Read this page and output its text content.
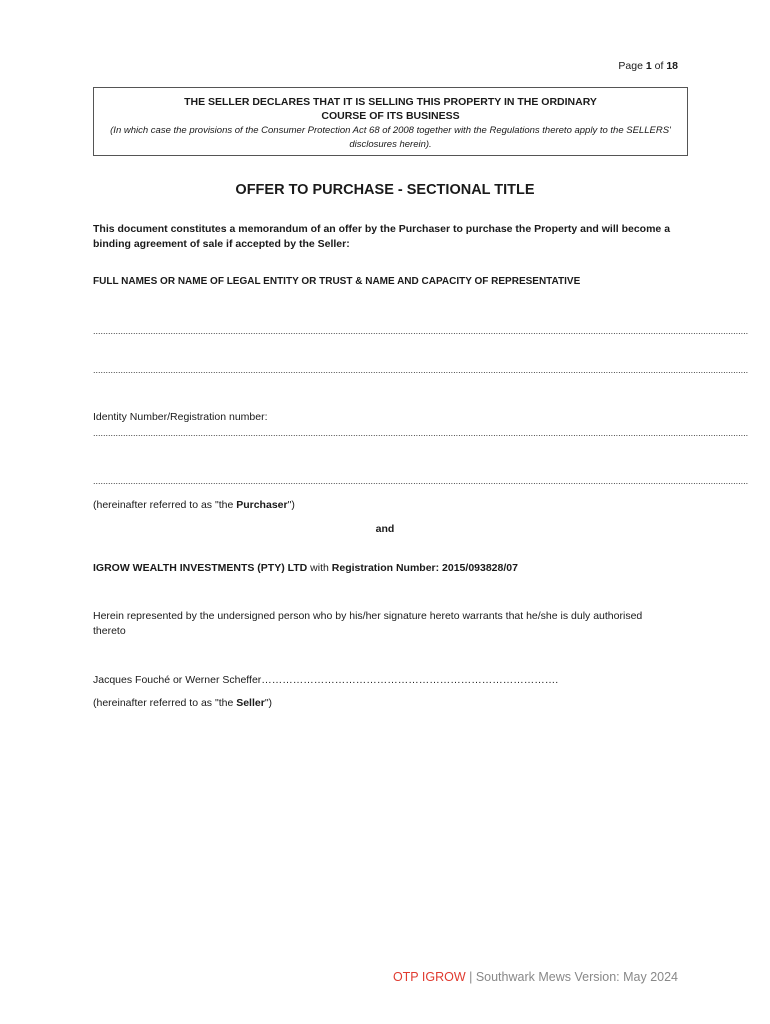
Page 1 of 18
THE SELLER DECLARES THAT IT IS SELLING THIS PROPERTY IN THE ORDINARY COURSE OF ITS BUSINESS
(In which case the provisions of the Consumer Protection Act 68 of 2008 together with the Regulations thereto apply to the SELLERS' disclosures herein).
OFFER TO PURCHASE - SECTIONAL TITLE
This document constitutes a memorandum of an offer by the Purchaser to purchase the Property and will become a binding agreement of sale if accepted by the Seller:
FULL NAMES OR NAME OF LEGAL ENTITY OR TRUST & NAME AND CAPACITY OF REPRESENTATIVE
......................................................................................................................................................................................................................................................................
......................................................................................................................................................................................................................................................................
Identity Number/Registration number:
......................................................................................................................................................................................................................................................................
......................................................................................................................................................................................................................................................................
(hereinafter referred to as "the Purchaser")
and
IGROW WEALTH INVESTMENTS (PTY) LTD with Registration Number: 2015/093828/07
Herein represented by the undersigned person who by his/her signature hereto warrants that he/she is duly authorised thereto
Jacques Fouché or Werner Scheffer………………………………………………………………………….
(hereinafter referred to as "the Seller")
OTP IGROW | Southwark Mews Version: May 2024
